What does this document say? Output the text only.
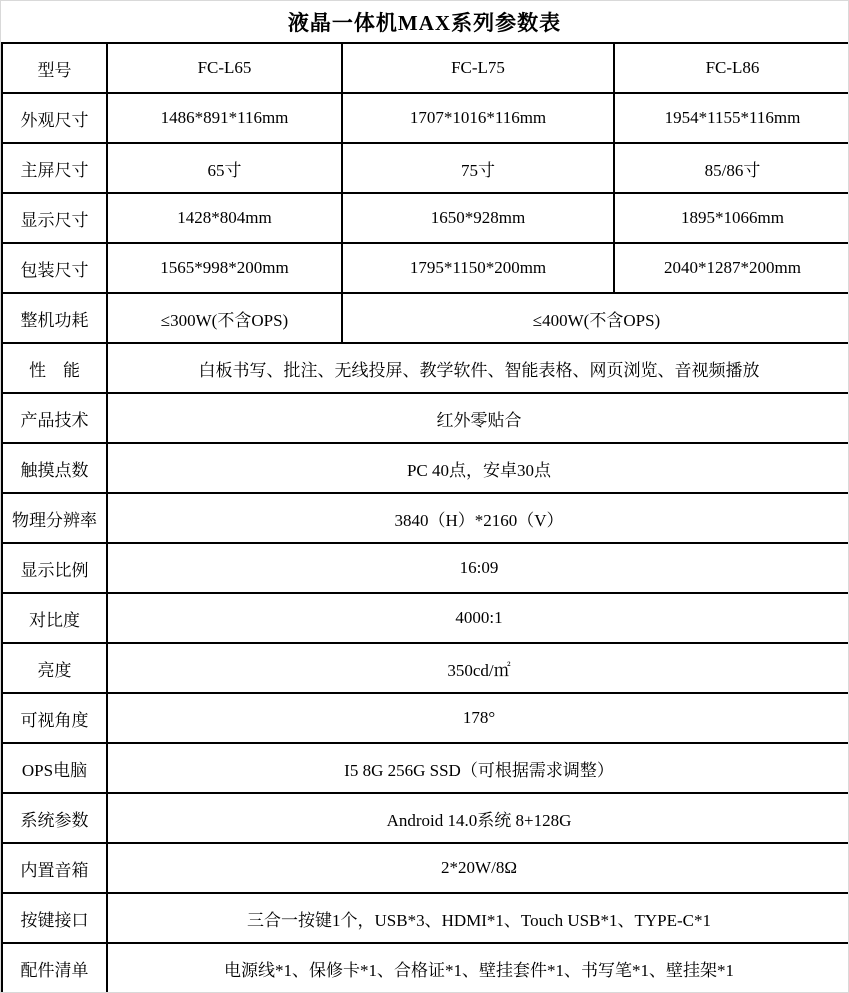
液晶一体机MAX系列参数表
型号	FC-L65	FC-L75	FC-L86
外观尺寸	1486*891*116mm	1707*1016*116mm	1954*1155*116mm
主屏尺寸	65寸	75寸	85/86寸
显示尺寸	1428*804mm	1650*928mm	1895*1066mm
包装尺寸	1565*998*200mm	1795*1150*200mm	2040*1287*200mm
整机功耗	≤300W(不含OPS)	≤400W(不含OPS)	
性　能	白板书写、批注、无线投屏、教学软件、智能表格、网页浏览、音视频播放		
产品技术	红外零贴合		
触摸点数	PC 40点，安卓30点		
物理分辨率	3840（H）*2160（V）		
显示比例	16:09		
对比度	4000:1		
亮度	350cd/㎡		
可视角度	178°		
OPS电脑	I5 8G 256G SSD（可根据需求调整）		
系统参数	Android 14.0系统 8+128G		
内置音箱	2*20W/8Ω		
按键接口	三合一按键1个，USB*3、HDMI*1、Touch USB*1、TYPE-C*1		
配件清单	电源线*1、保修卡*1、合格证*1、壁挂套件*1、书写笔*1、壁挂架*1		
